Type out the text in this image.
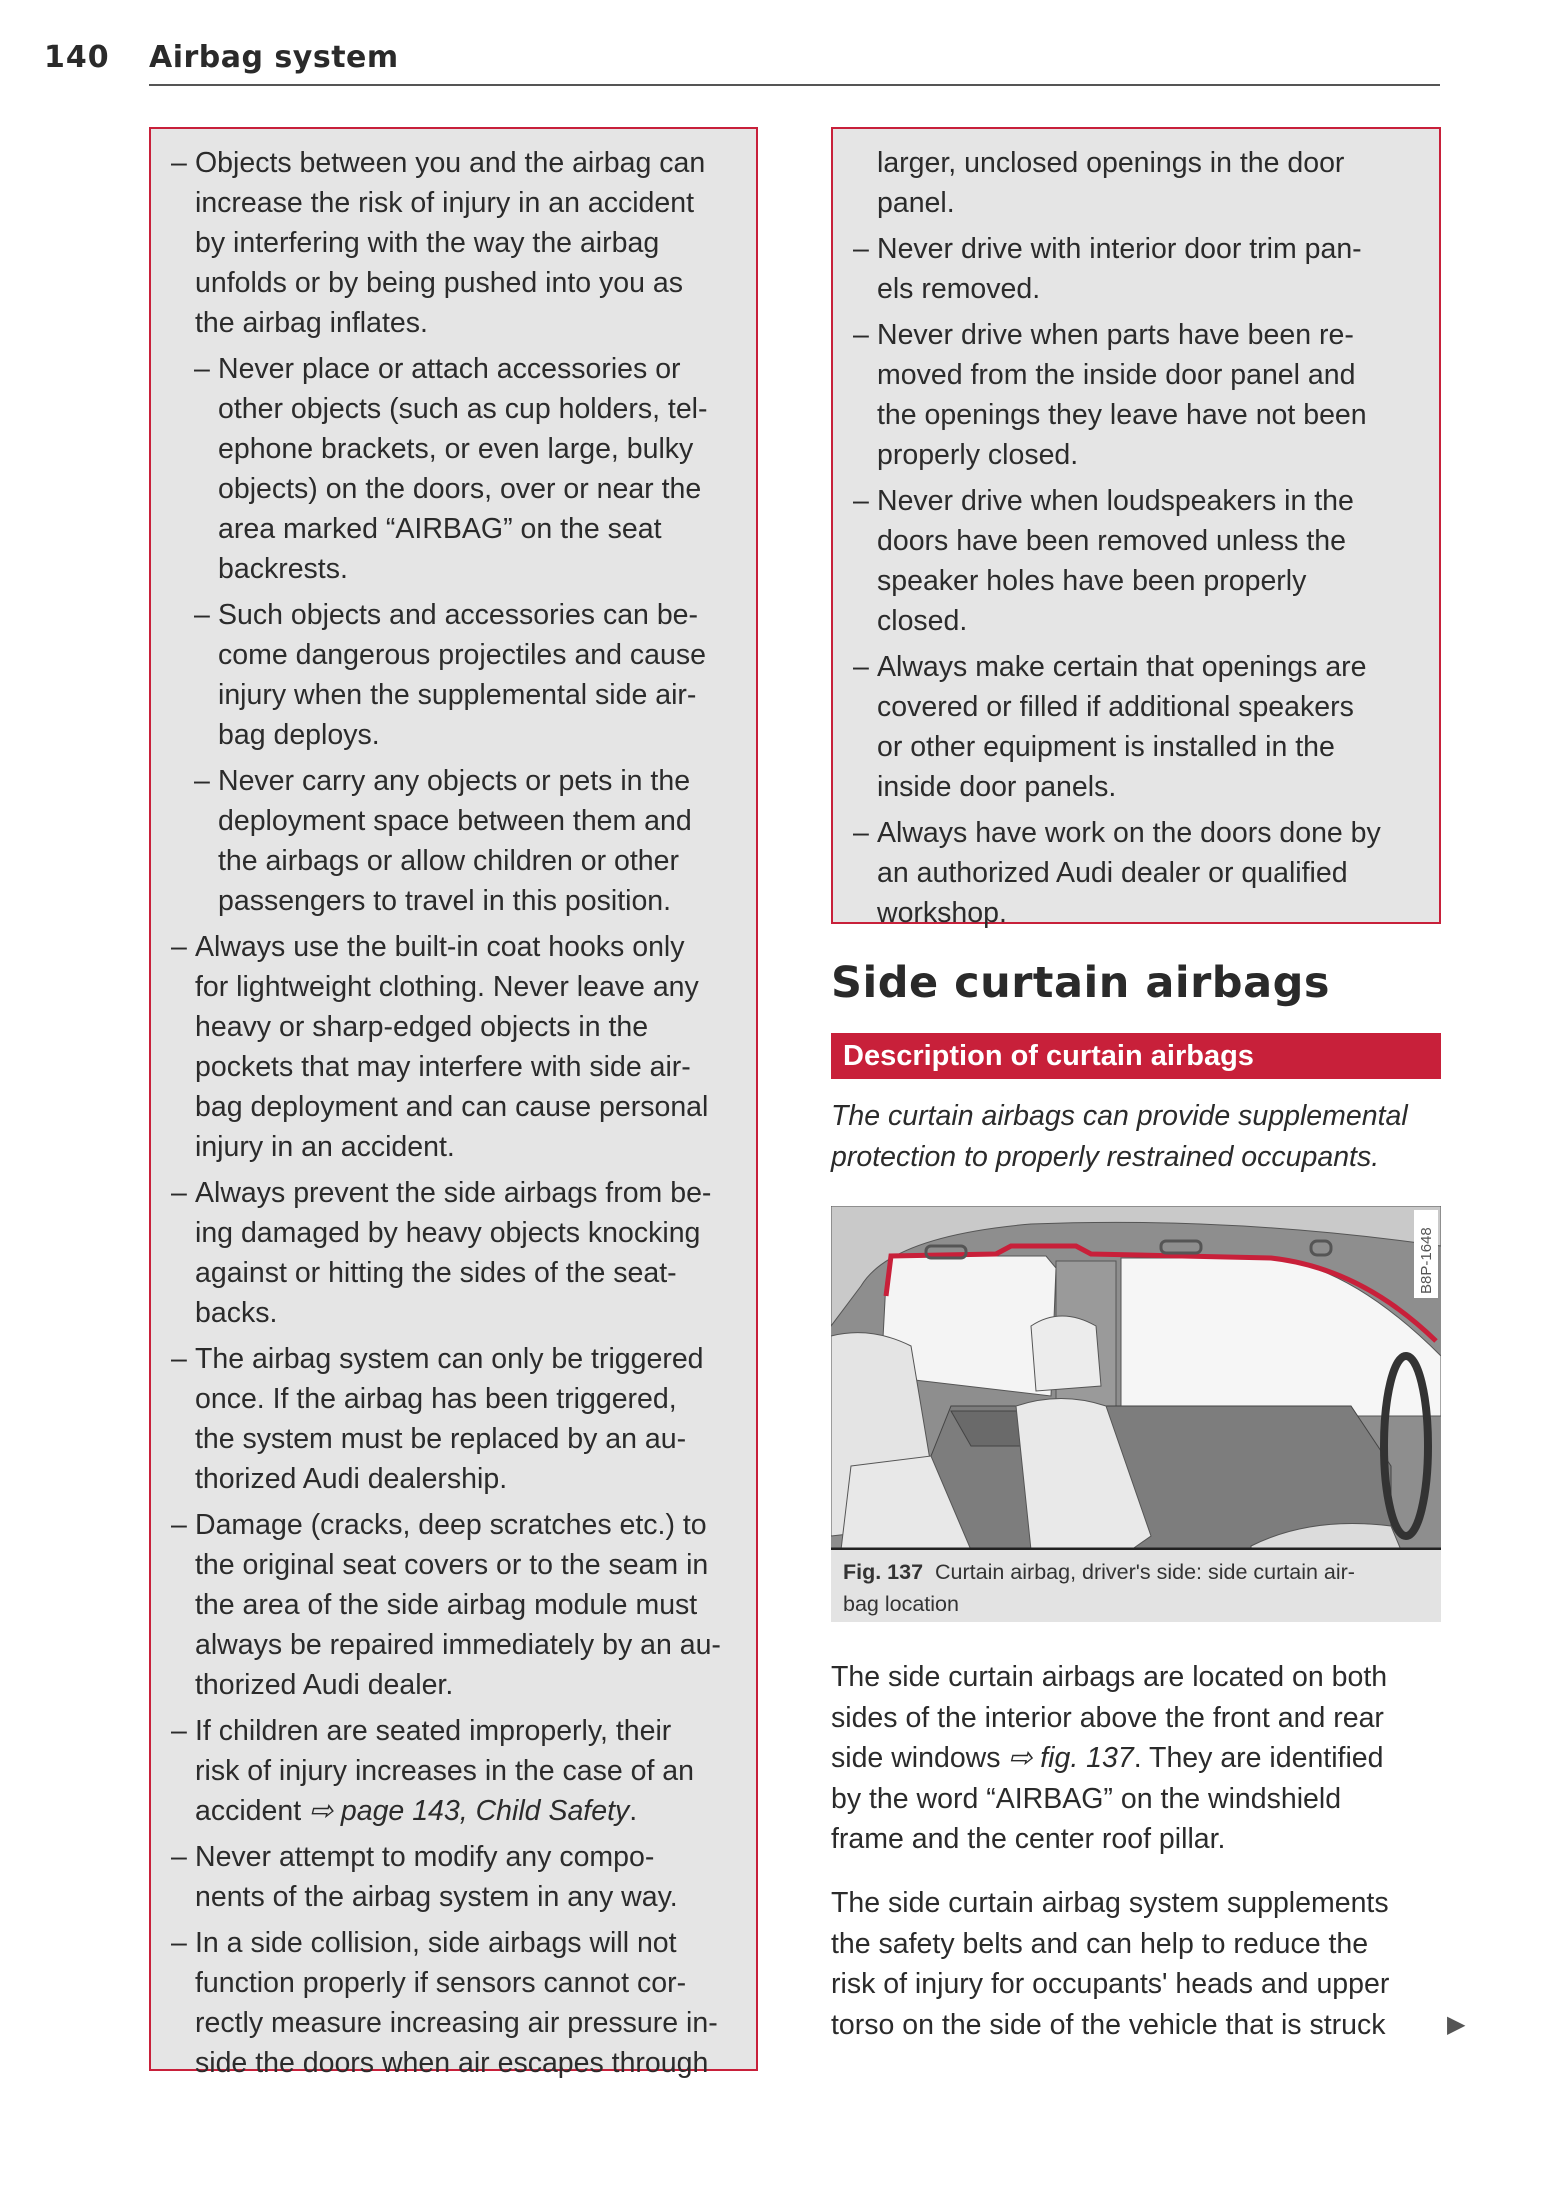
140 Airbag system
– Objects between you and the airbag can
increase the risk of injury in an accident
by interfering with the way the airbag
unfolds or by being pushed into you as
the airbag inflates.
– Never place or attach accessories or
other objects (such as cup holders, tel-
ephone brackets, or even large, bulky
objects) on the doors, over or near the
area marked “AIRBAG” on the seat
backrests.
– Such objects and accessories can be-
come dangerous projectiles and cause
injury when the supplemental side air-
bag deploys.
– Never carry any objects or pets in the
deployment space between them and
the airbags or allow children or other
passengers to travel in this position.
– Always use the built-in coat hooks only
for lightweight clothing. Never leave any
heavy or sharp-edged objects in the
pockets that may interfere with side air-
bag deployment and can cause personal
injury in an accident.
– Always prevent the side airbags from be-
ing damaged by heavy objects knocking
against or hitting the sides of the seat-
backs.
– The airbag system can only be triggered
once. If the airbag has been triggered,
the system must be replaced by an au-
thorized Audi dealership.
– Damage (cracks, deep scratches etc.) to
the original seat covers or to the seam in
the area of the side airbag module must
always be repaired immediately by an au-
thorized Audi dealer.
– If children are seated improperly, their
risk of injury increases in the case of an
accident ⇨ page 143, Child Safety.
– Never attempt to modify any compo-
nents of the airbag system in any way.
– In a side collision, side airbags will not
function properly if sensors cannot cor-
rectly measure increasing air pressure in-
side the doors when air escapes through
larger, unclosed openings in the door
panel.
– Never drive with interior door trim pan-
els removed.
– Never drive when parts have been re-
moved from the inside door panel and
the openings they leave have not been
properly closed.
– Never drive when loudspeakers in the
doors have been removed unless the
speaker holes have been properly
closed.
– Always make certain that openings are
covered or filled if additional speakers
or other equipment is installed in the
inside door panels.
– Always have work on the doors done by
an authorized Audi dealer or qualified
workshop.
Side curtain airbags
Description of curtain airbags
The curtain airbags can provide supplemental
protection to properly restrained occupants.
B8P-1648
Fig. 137 Curtain airbag, driver's side: side curtain air-
bag location
The side curtain airbags are located on both
sides of the interior above the front and rear
side windows ⇨ fig. 137. They are identified
by the word “AIRBAG” on the windshield
frame and the center roof pillar.
The side curtain airbag system supplements
the safety belts and can help to reduce the
risk of injury for occupants' heads and upper
torso on the side of the vehicle that is struck	▶
